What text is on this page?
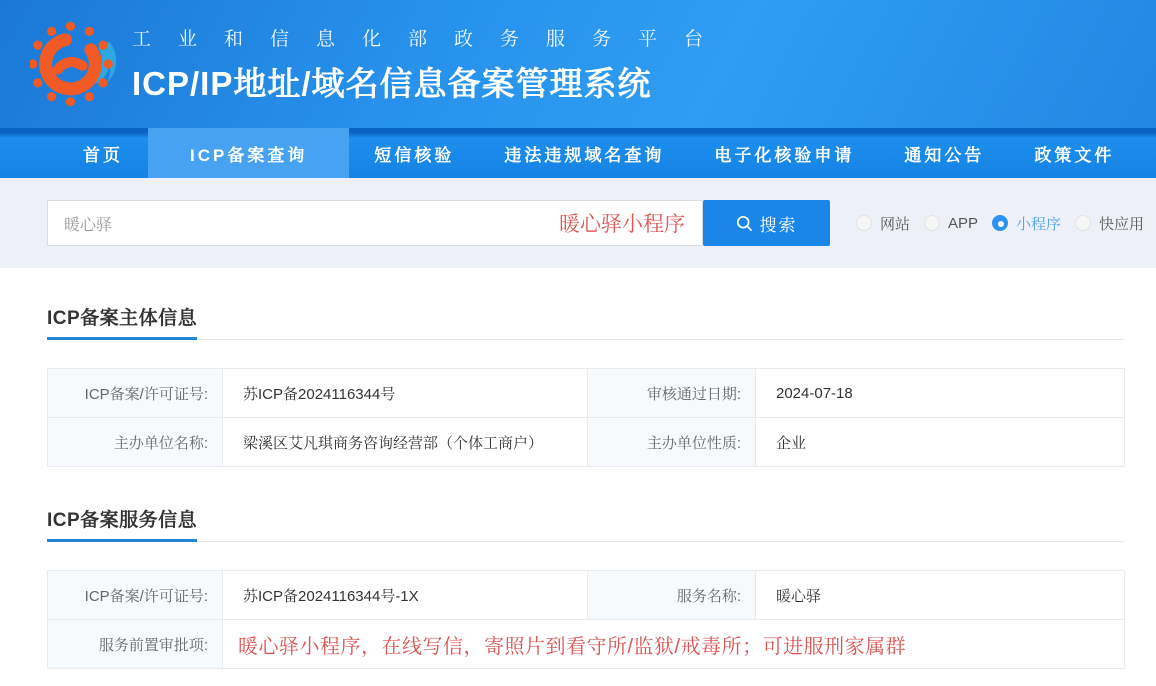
工业和信息化部政务服务平台
ICP/IP地址/域名信息备案管理系统
首页	ICP备案查询	短信核验	违法违规域名查询	电子化核验申请	通知公告	政策文件
暖心驿
暖心驿小程序	搜索	网站	APP	小程序	快应用
ICP备案主体信息
ICP备案/许可证号:	苏ICP备2024116344号	审核通过日期:	2024-07-18
主办单位名称:	梁溪区艾凡琪商务咨询经营部（个体工商户）	主办单位性质:	企业
ICP备案服务信息
ICP备案/许可证号:	苏ICP备2024116344号-1X	服务名称:	暖心驿
服务前置审批项:	暖心驿小程序，在线写信，寄照片到看守所/监狱/戒毒所；可进服刑家属群		
